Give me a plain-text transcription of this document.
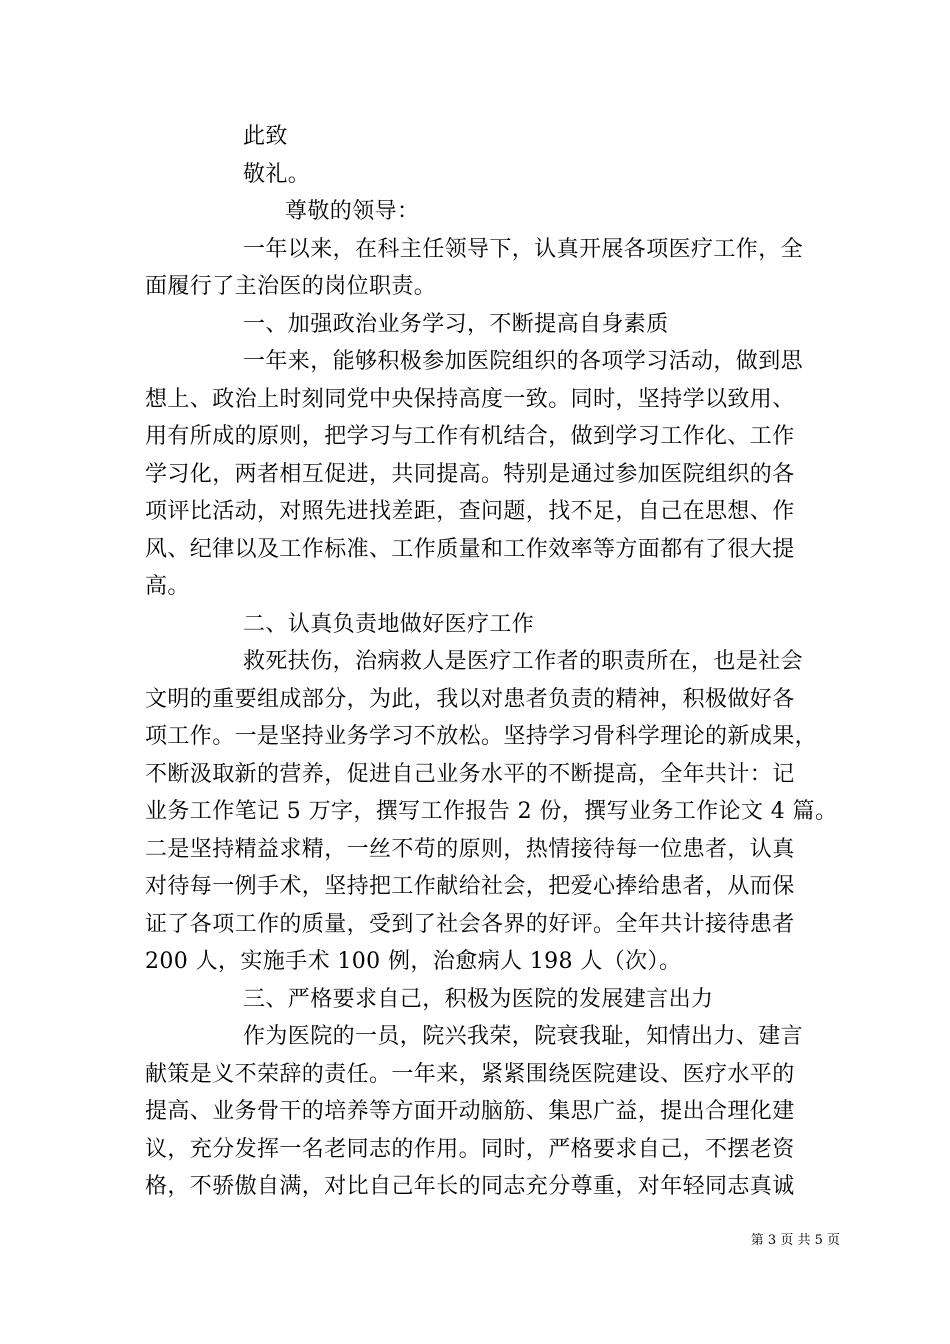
此致
敬礼。
尊敬的领导：
一年以来，在科主任领导下，认真开展各项医疗工作，全
面履行了主治医的岗位职责。
一、加强政治业务学习，不断提高自身素质
一年来，能够积极参加医院组织的各项学习活动，做到思
想上、政治上时刻同党中央保持高度一致。同时，坚持学以致用、
用有所成的原则，把学习与工作有机结合，做到学习工作化、工作
学习化，两者相互促进，共同提高。特别是通过参加医院组织的各
项评比活动，对照先进找差距，查问题，找不足，自己在思想、作
风、纪律以及工作标准、工作质量和工作效率等方面都有了很大提
高。
二、认真负责地做好医疗工作
救死扶伤，治病救人是医疗工作者的职责所在，也是社会
文明的重要组成部分，为此，我以对患者负责的精神，积极做好各
项工作。一是坚持业务学习不放松。坚持学习骨科学理论的新成果，
不断汲取新的营养，促进自己业务水平的不断提高，全年共计：记
业务工作笔记 5 万字，撰写工作报告 2 份，撰写业务工作论文 4 篇。
二是坚持精益求精，一丝不苟的原则，热情接待每一位患者，认真
对待每一例手术，坚持把工作献给社会，把爱心捧给患者，从而保
证了各项工作的质量，受到了社会各界的好评。全年共计接待患者
200 人，实施手术 100 例，治愈病人 198 人（次）。
三、严格要求自己，积极为医院的发展建言出力
作为医院的一员，院兴我荣，院衰我耻，知情出力、建言
献策是义不荣辞的责任。一年来，紧紧围绕医院建设、医疗水平的
提高、业务骨干的培养等方面开动脑筋、集思广益，提出合理化建
议，充分发挥一名老同志的作用。同时，严格要求自己，不摆老资
格，不骄傲自满，对比自己年长的同志充分尊重，对年轻同志真诚
第 3 页 共 5 页
